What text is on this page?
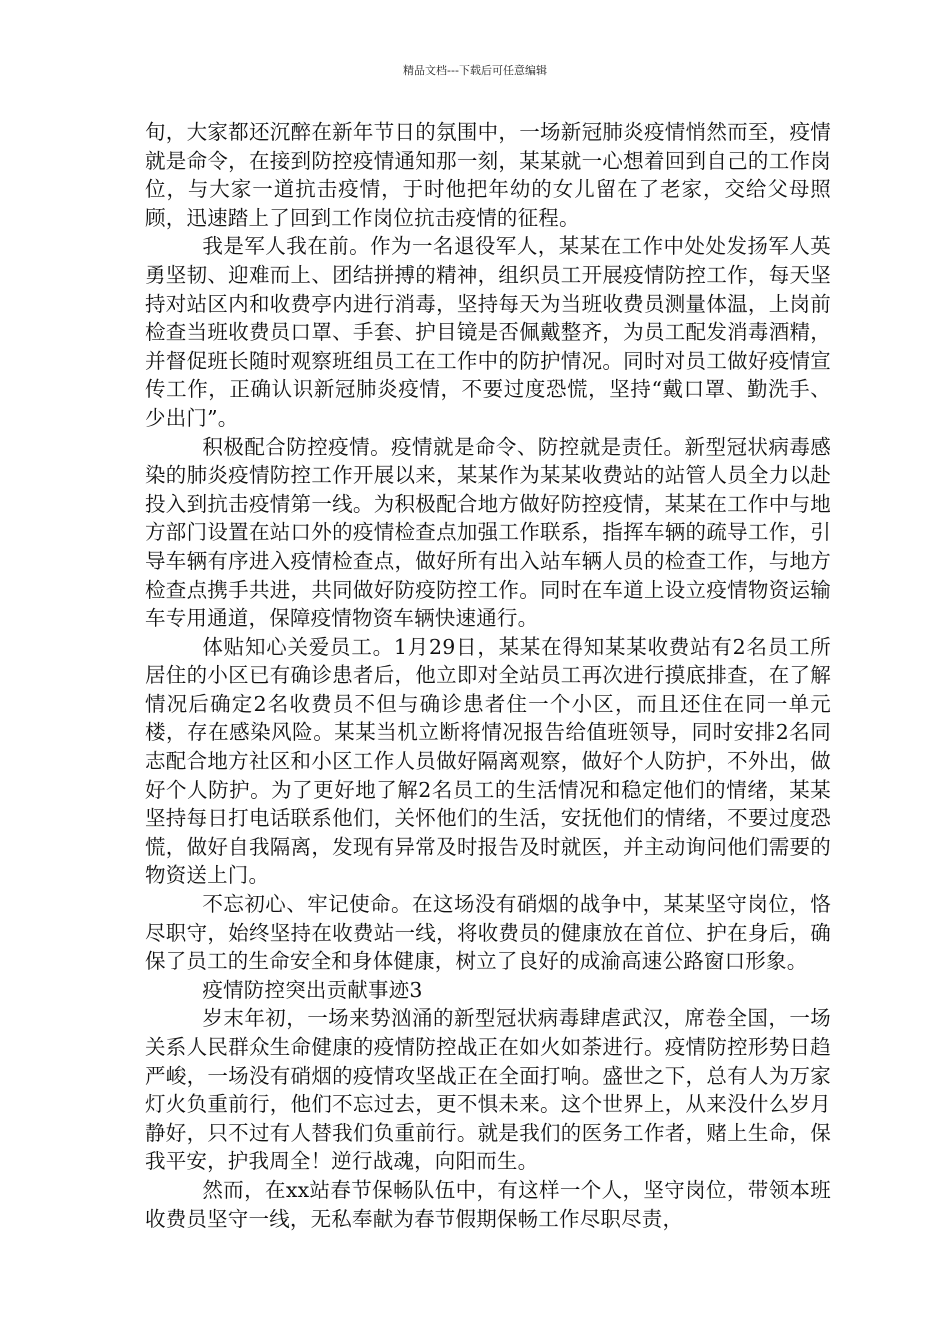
精品文档---下载后可任意编辑

旬，大家都还沉醉在新年节日的氛围中，一场新冠肺炎疫情悄然而至，疫情就是命令，在接到防控疫情通知那一刻，某某就一心想着回到自己的工作岗位，与大家一道抗击疫情，于时他把年幼的女儿留在了老家，交给父母照顾，迅速踏上了回到工作岗位抗击疫情的征程。

我是军人我在前。作为一名退役军人，某某在工作中处处发扬军人英勇坚韧、迎难而上、团结拼搏的精神，组织员工开展疫情防控工作，每天坚持对站区内和收费亭内进行消毒，坚持每天为当班收费员测量体温，上岗前检查当班收费员口罩、手套、护目镜是否佩戴整齐，为员工配发消毒酒精，并督促班长随时观察班组员工在工作中的防护情况。同时对员工做好疫情宣传工作，正确认识新冠肺炎疫情，不要过度恐慌，坚持“戴口罩、勤洗手、少出门”。

积极配合防控疫情。疫情就是命令、防控就是责任。新型冠状病毒感染的肺炎疫情防控工作开展以来，某某作为某某收费站的站管人员全力以赴投入到抗击疫情第一线。为积极配合地方做好防控疫情，某某在工作中与地方部门设置在站口外的疫情检查点加强工作联系，指挥车辆的疏导工作，引导车辆有序进入疫情检查点，做好所有出入站车辆人员的检查工作，与地方检查点携手共进，共同做好防疫防控工作。同时在车道上设立疫情物资运输车专用通道，保障疫情物资车辆快速通行。

体贴知心关爱员工。1月29日，某某在得知某某收费站有2名员工所居住的小区已有确诊患者后，他立即对全站员工再次进行摸底排查，在了解情况后确定2名收费员不但与确诊患者住一个小区，而且还住在同一单元楼，存在感染风险。某某当机立断将情况报告给值班领导，同时安排2名同志配合地方社区和小区工作人员做好隔离观察，做好个人防护，不外出，做好个人防护。为了更好地了解2名员工的生活情况和稳定他们的情绪，某某坚持每日打电话联系他们，关怀他们的生活，安抚他们的情绪，不要过度恐慌，做好自我隔离，发现有异常及时报告及时就医，并主动询问他们需要的物资送上门。

不忘初心、牢记使命。在这场没有硝烟的战争中，某某坚守岗位，恪尽职守，始终坚持在收费站一线，将收费员的健康放在首位、护在身后，确保了员工的生命安全和身体健康，树立了良好的成渝高速公路窗口形象。

疫情防控突出贡献事迹3

岁末年初，一场来势汹涌的新型冠状病毒肆虐武汉，席卷全国，一场关系人民群众生命健康的疫情防控战正在如火如荼进行。疫情防控形势日趋严峻，一场没有硝烟的疫情攻坚战正在全面打响。盛世之下，总有人为万家灯火负重前行，他们不忘过去，更不惧未来。这个世界上，从来没什么岁月静好，只不过有人替我们负重前行。就是我们的医务工作者，赌上生命，保我平安，护我周全！逆行战魂，向阳而生。

然而，在xx站春节保畅队伍中，有这样一个人，坚守岗位，带领本班收费员坚守一线，无私奉献为春节假期保畅工作尽职尽责，
